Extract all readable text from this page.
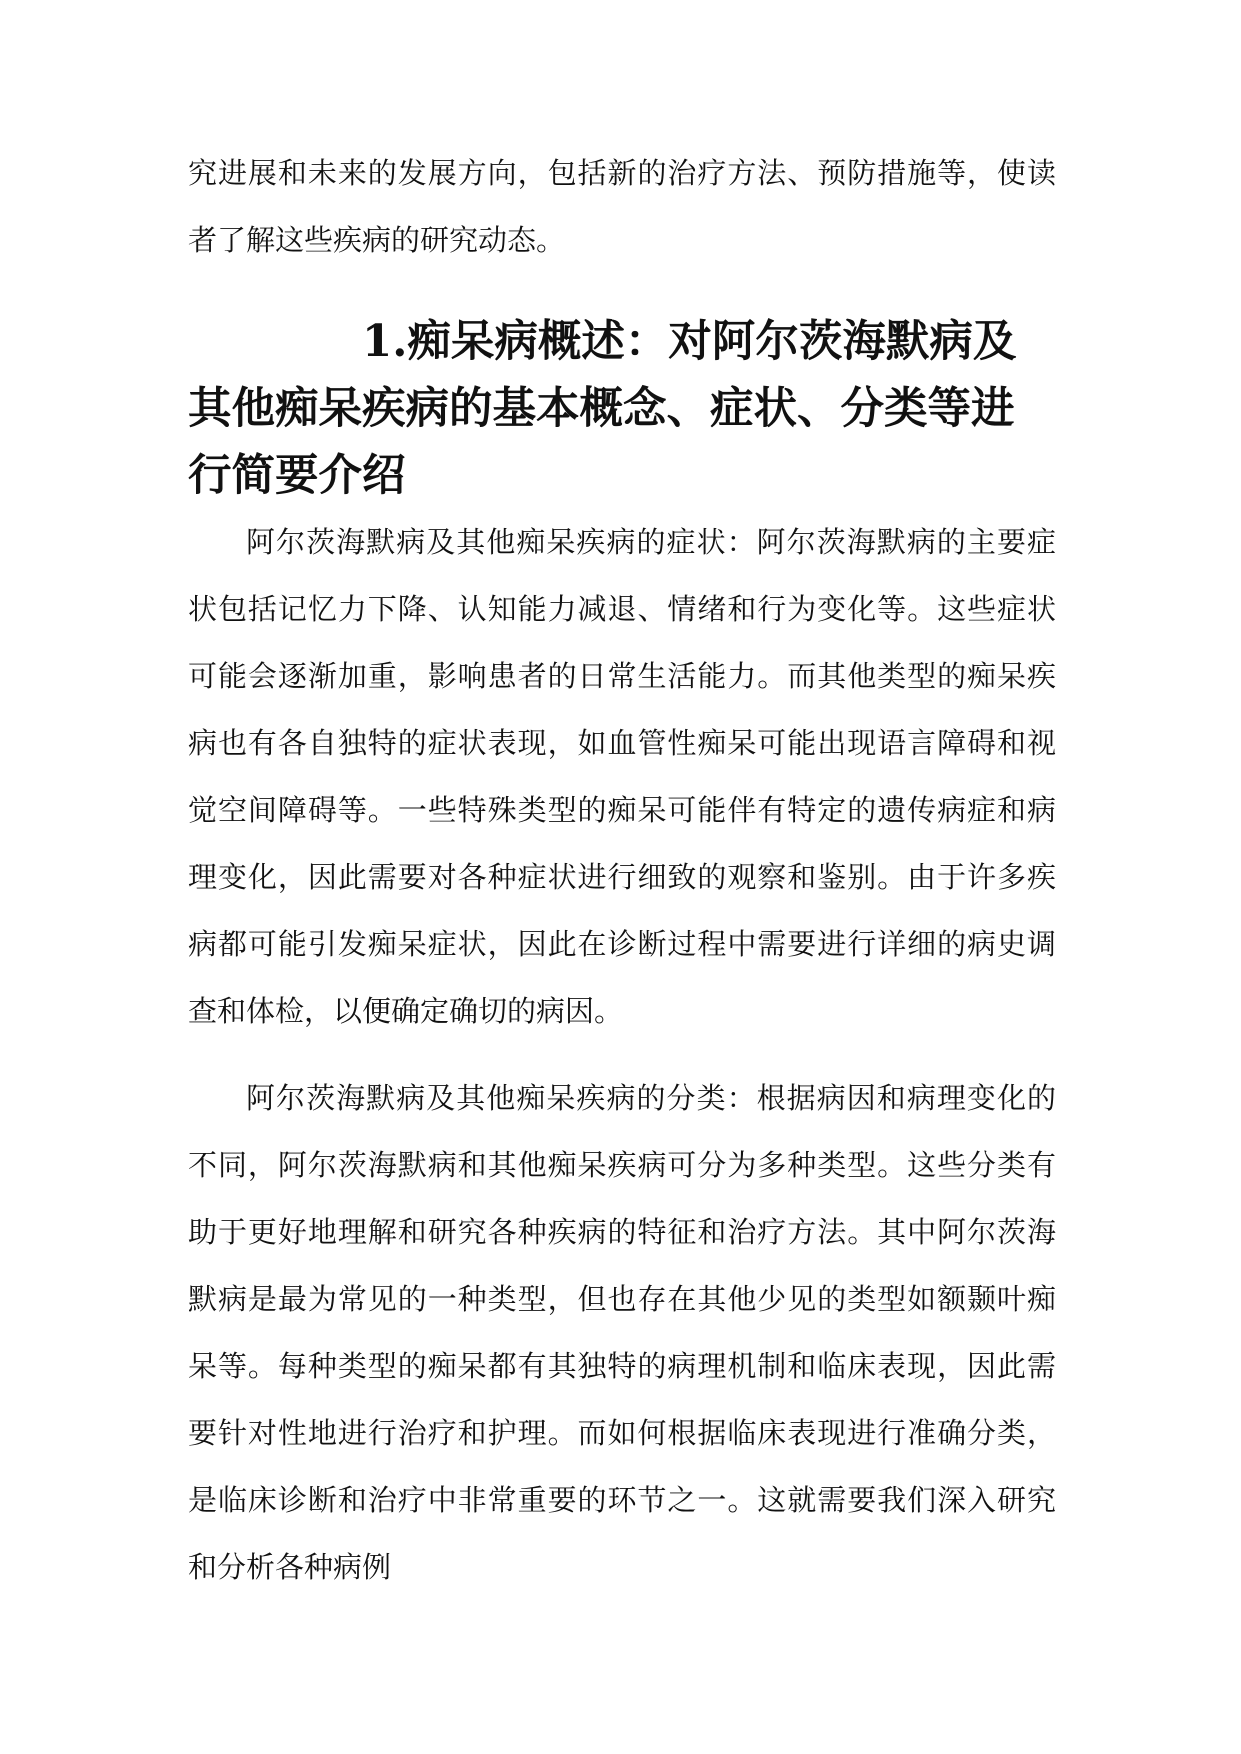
究进展和未来的发展方向，包括新的治疗方法、预防措施等，使读者了解这些疾病的研究动态。

1.痴呆病概述：对阿尔茨海默病及其他痴呆疾病的基本概念、症状、分类等进行简要介绍

阿尔茨海默病及其他痴呆疾病的症状：阿尔茨海默病的主要症状包括记忆力下降、认知能力减退、情绪和行为变化等。这些症状可能会逐渐加重，影响患者的日常生活能力。而其他类型的痴呆疾病也有各自独特的症状表现，如血管性痴呆可能出现语言障碍和视觉空间障碍等。一些特殊类型的痴呆可能伴有特定的遗传病症和病理变化，因此需要对各种症状进行细致的观察和鉴别。由于许多疾病都可能引发痴呆症状，因此在诊断过程中需要进行详细的病史调查和体检，以便确定确切的病因。

阿尔茨海默病及其他痴呆疾病的分类：根据病因和病理变化的不同，阿尔茨海默病和其他痴呆疾病可分为多种类型。这些分类有助于更好地理解和研究各种疾病的特征和治疗方法。其中阿尔茨海默病是最为常见的一种类型，但也存在其他少见的类型如额颞叶痴呆等。每种类型的痴呆都有其独特的病理机制和临床表现，因此需要针对性地进行治疗和护理。而如何根据临床表现进行准确分类，是临床诊断和治疗中非常重要的环节之一。这就需要我们深入研究和分析各种病例
